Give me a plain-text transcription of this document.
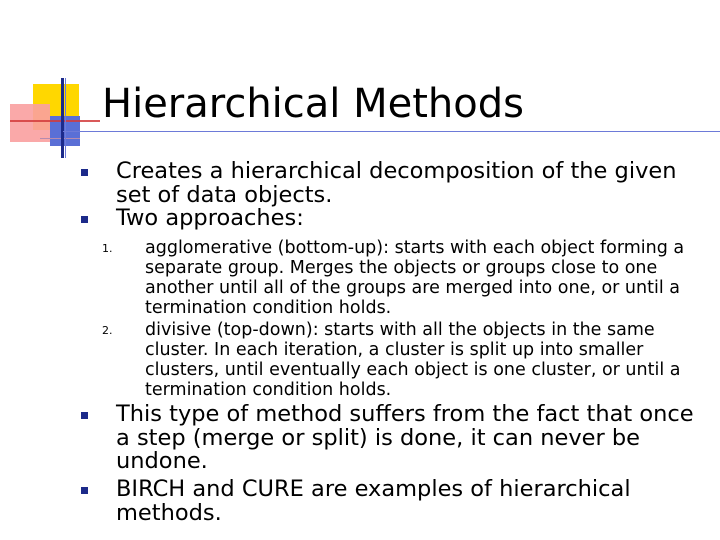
Hierarchical Methods
Creates a hierarchical decomposition of the given set of data objects.
Two approaches:
1. agglomerative (bottom-up): starts with each object forming a separate group. Merges the objects or groups close to one another until all of the groups are merged into one, or until a termination condition holds.
2. divisive (top-down): starts with all the objects in the same cluster. In each iteration, a cluster is split up into smaller clusters, until eventually each object is one cluster, or until a termination condition holds.
This type of method suffers from the fact that once a step (merge or split) is done, it can never be undone.
BIRCH and CURE are examples of hierarchical methods.
